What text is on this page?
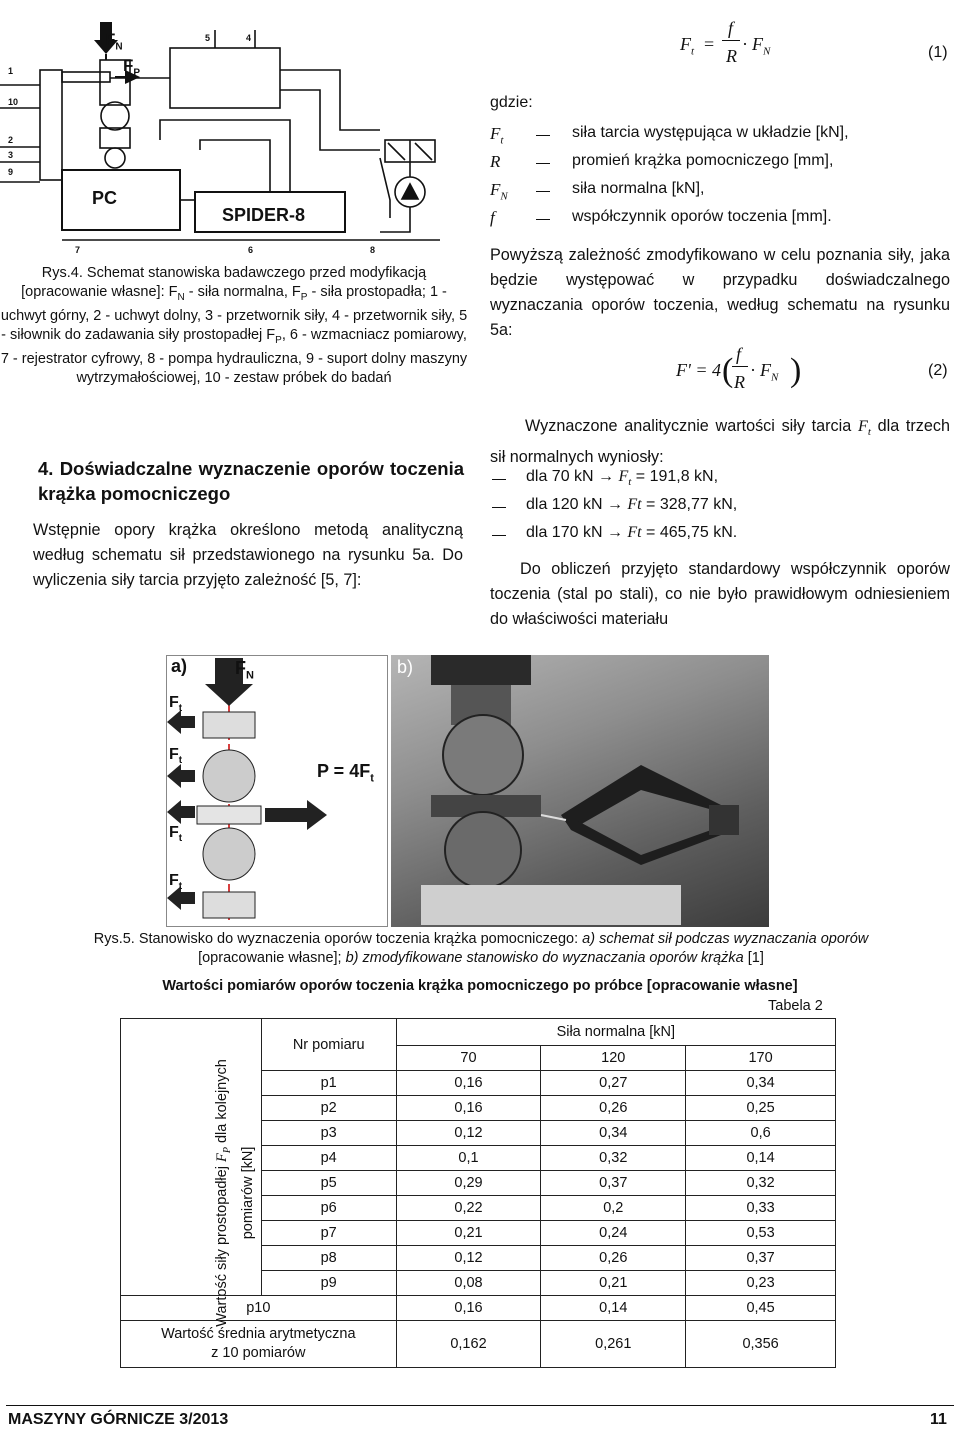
1
10
2
3
9
5	4
7	6	8
$F_N$
$F_P$
PC
SPIDER-8
Rys.4. Schemat stanowiska badawczego przed modyfikacją [opracowanie własne]: $F_N$ - siła normalna, $F_P$ - siła prostopadła; 1 - uchwyt górny, 2 - uchwyt dolny, 3 - przetwornik siły, 4 - przetwornik siły, 5 - siłownik do zadawania siły prostopadłej $F_P$, 6 - wzmacniacz pomiarowy, 7 - rejestrator cyfrowy, 8 - pompa hydrauliczna, 9 - suport dolny maszyny wytrzymałościowej, 10 - zestaw próbek do badań
4. Doświadczalne wyznaczenie oporów toczenia krążka pomocniczego
Wstępnie opory krążka określono metodą analityczną według schematu sił przedstawionego na rysunku 5a. Do wyliczenia siły tarcia przyjęto zależność [5, 7]:
$F_t$ =
f
R
· $F_N$	(1)
gdzie:
$F_t$	siła tarcia występująca w układzie [kN],
R	promień krążka pomocniczego [mm],
$F_N$	siła normalna [kN],
f	współczynnik oporów toczenia [mm].
Powyższą zależność zmodyfikowano w celu poznania siły, jaka będzie występować w przypadku doświadczalnego wyznaczania oporów toczenia, według schematu na rysunku 5a:
F' = 4 ( f
R
· $F_N$ )	(2)
Wyznaczone analitycznie wartości siły tarcia $F_t$ dla trzech sił normalnych wyniosły:
dla 70 kN → $F_t = 191,8$ kN,
dla 120 kN → Ft = 328,77 kN,
dla 170 kN → Ft = 465,75 kN.
Do obliczeń przyjęto standardowy współczynnik oporów toczenia (stal po stali), co nie było prawidłowym odniesieniem do właściwości materiału
a)	$F_N$
$F_t$
$F_t$
$F_t$
$F_t$
$P = 4F_t$
b)
Rys.5. Stanowisko do wyznaczenia oporów toczenia krążka pomocniczego: a) schemat sił podczas wyznaczania oporów [opracowanie własne]; b) zmodyfikowane stanowisko do wyznaczania oporów krążka [1]
Wartości pomiarów oporów toczenia krążka pomocniczego po próbce [opracowanie własne]
Tabela 2
Wartość siły prostopadłej $F_P$ dla kolejnych pomiarów [kN]
	Nr pomiaru	Siła normalna [kN]		
		70	120	170
	p1	0,16	0,27	0,34
	p2	0,16	0,26	0,25
	p3	0,12	0,34	0,6
	p4	0,1	0,32	0,14
	p5	0,29	0,37	0,32
	p6	0,22	0,2	0,33
	p7	0,21	0,24	0,53
	p8	0,12	0,26	0,37
	p9	0,08	0,21	0,23
p10		0,16	0,14	0,45
Wartość średnia arytmetyczna
z 10 pomiarów		0,162	0,261	0,356
MASZYNY GÓRNICZE 3/2013	11
